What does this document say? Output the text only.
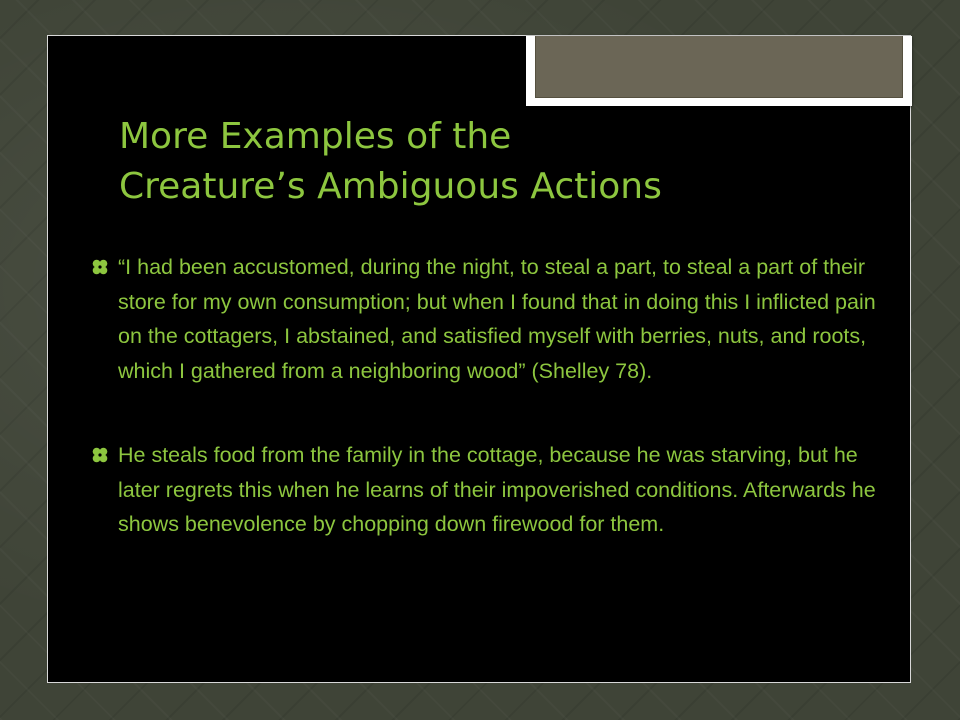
More Examples of the
Creature’s Ambiguous Actions
“I had been accustomed, during the night, to steal a part, to steal a part of their store for my own consumption; but when I found that in doing this I inflicted pain on the cottagers, I abstained, and satisfied myself with berries, nuts, and roots, which I gathered from a neighboring wood” (Shelley 78).
He steals food from the family in the cottage, because he was starving, but he later regrets this when he learns of their impoverished conditions. Afterwards he shows benevolence by chopping down firewood for them.
